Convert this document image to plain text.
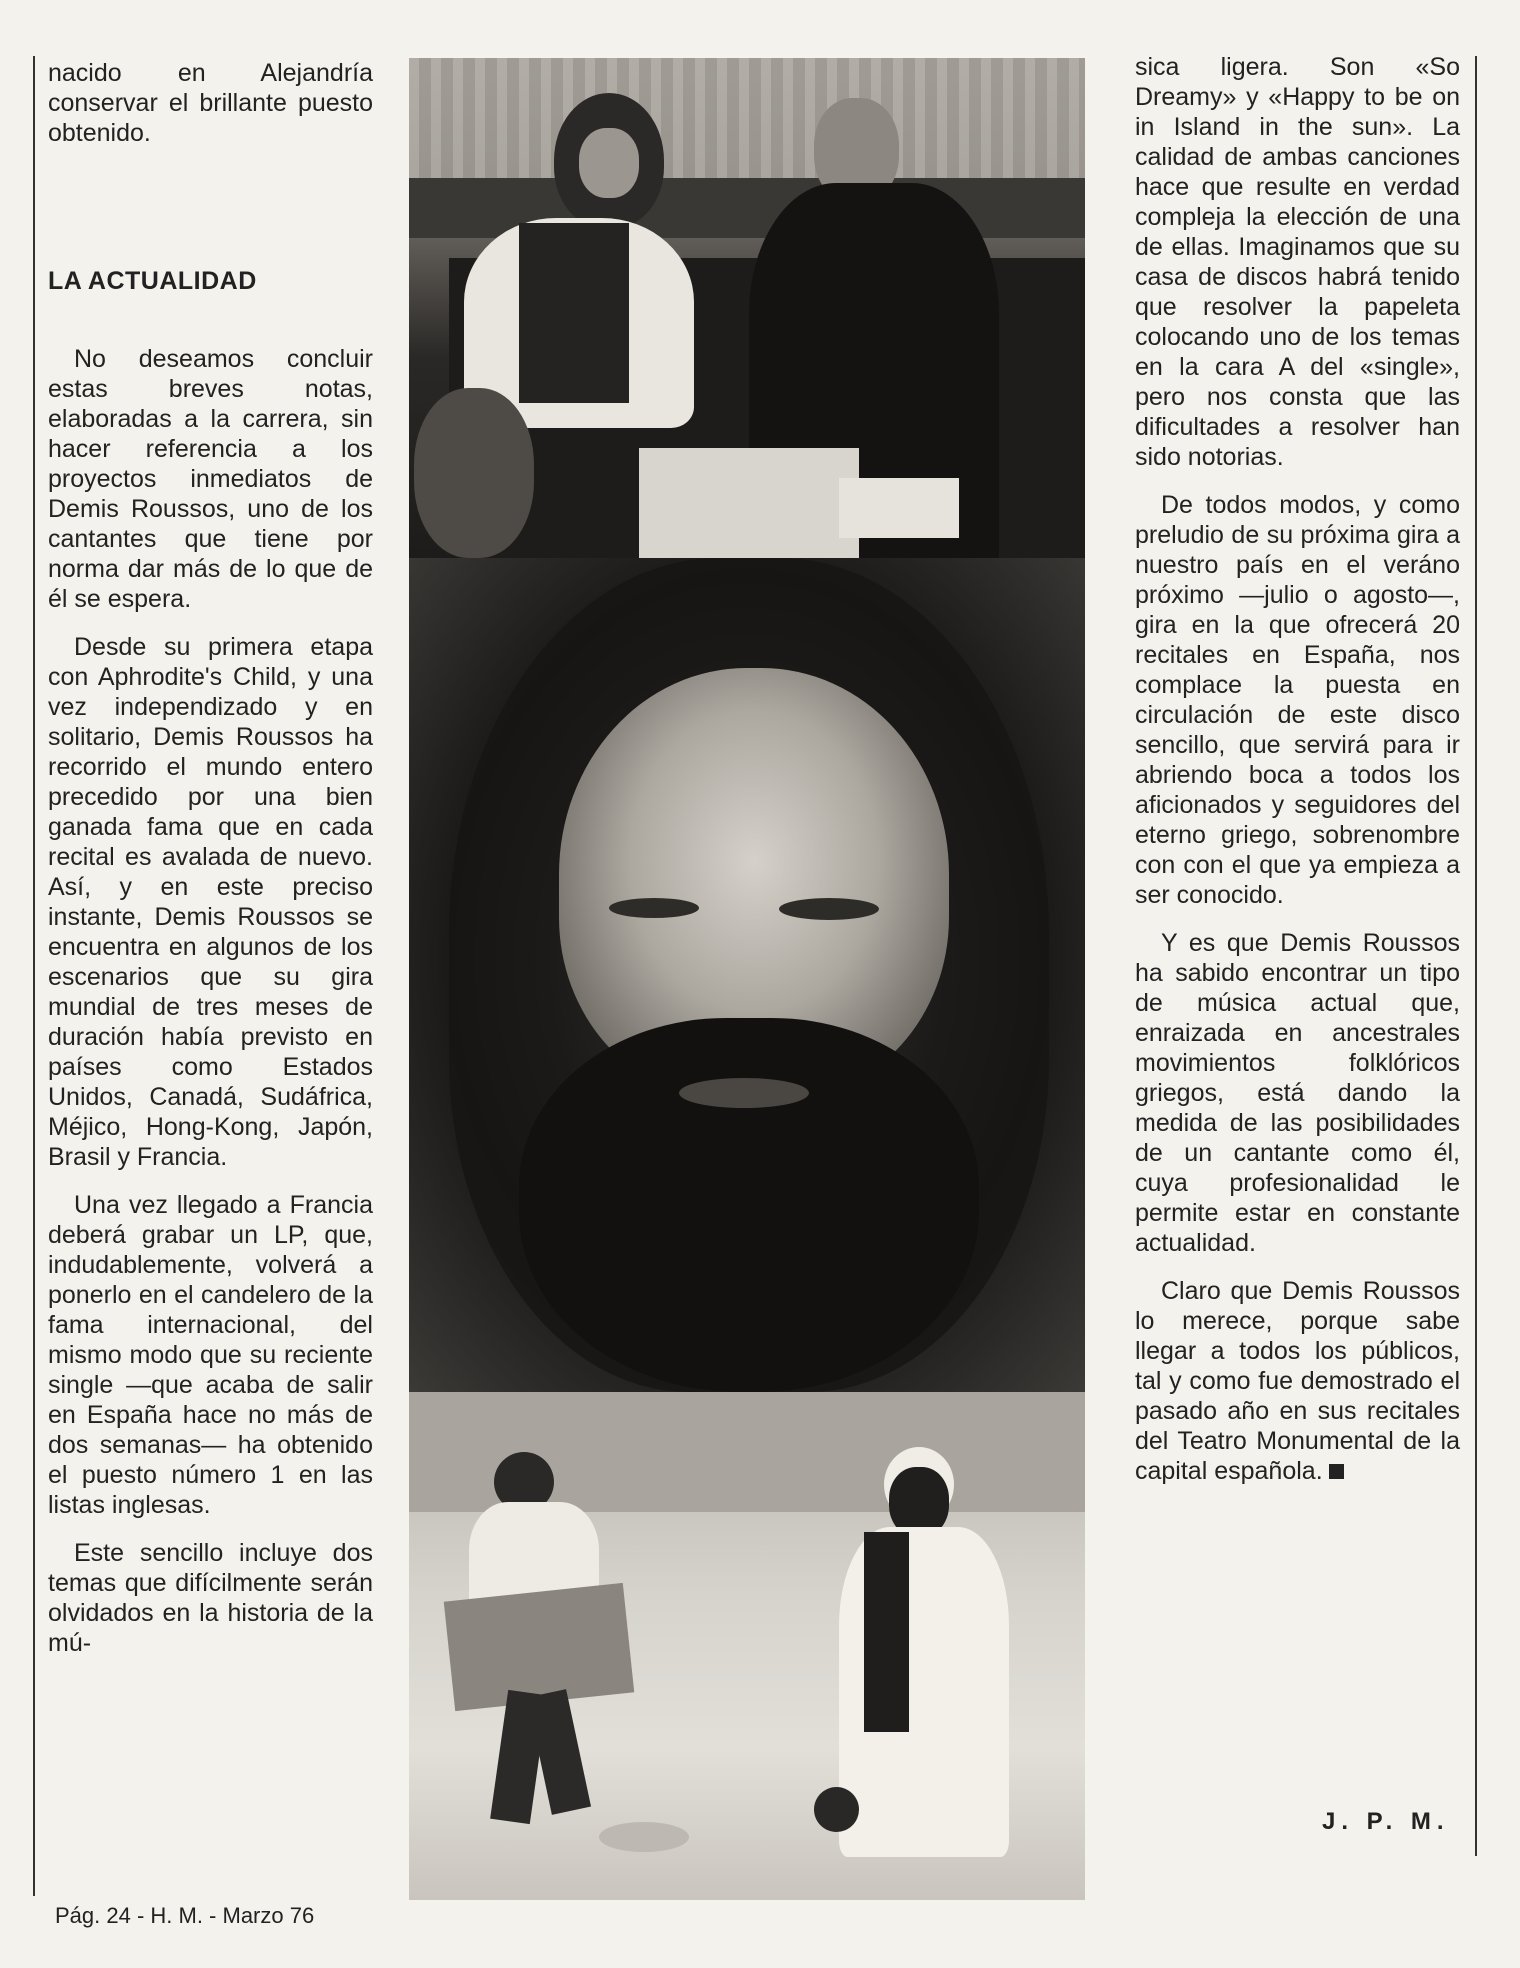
nacido en Alejandría conservar el brillante puesto obtenido.

LA ACTUALIDAD

No deseamos concluir estas breves notas, elaboradas a la carrera, sin hacer referencia a los proyectos inmediatos de Demis Roussos, uno de los cantantes que tiene por norma dar más de lo que de él se espera.

Desde su primera etapa con Aphrodite's Child, y una vez independizado y en solitario, Demis Roussos ha recorrido el mundo entero precedido por una bien ganada fama que en cada recital es avalada de nuevo. Así, y en este preciso instante, Demis Roussos se encuentra en algunos de los escenarios que su gira mundial de tres meses de duración había previsto en países como Estados Unidos, Canadá, Sudáfrica, Méjico, Hong-Kong, Japón, Brasil y Francia.

Una vez llegado a Francia deberá grabar un LP, que, indudablemente, volverá a ponerlo en el candelero de la fama internacional, del mismo modo que su reciente single —que acaba de salir en España hace no más de dos semanas— ha obtenido el puesto número 1 en las listas inglesas.

Este sencillo incluye dos temas que difícilmente serán olvidados en la historia de la mú-

sica ligera. Son «So Dreamy» y «Happy to be on in Island in the sun». La calidad de ambas canciones hace que resulte en verdad compleja la elección de una de ellas. Imaginamos que su casa de discos habrá tenido que resolver la papeleta colocando uno de los temas en la cara A del «single», pero nos consta que las dificultades a resolver han sido notorias.

De todos modos, y como preludio de su próxima gira a nuestro país en el veráno próximo —julio o agosto—, gira en la que ofrecerá 20 recitales en España, nos complace la puesta en circulación de este disco sencillo, que servirá para ir abriendo boca a todos los aficionados y seguidores del eterno griego, sobrenombre con con el que ya empieza a ser conocido.

Y es que Demis Roussos ha sabido encontrar un tipo de música actual que, enraizada en ancestrales movimientos folklóricos griegos, está dando la medida de las posibilidades de un cantante como él, cuya profesionalidad le permite estar en constante actualidad.

Claro que Demis Roussos lo merece, porque sabe llegar a todos los públicos, tal y como fue demostrado el pasado año en sus recitales del Teatro Monumental de la capital española.

J. P. M.
Pág. 24 - H. M. - Marzo 76
